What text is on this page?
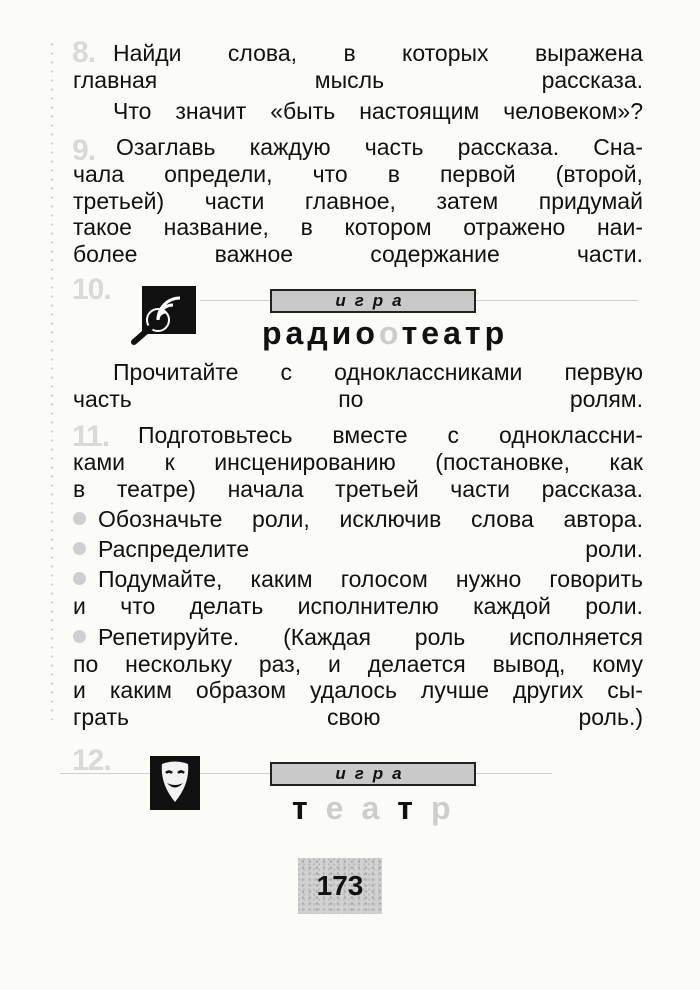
8. Найди слова, в которых выражена
главная мысль рассказа.
Что значит «быть настоящим человеком»?
9. Озаглавь каждую часть рассказа. Сна-
чала определи, что в первой (второй,
третьей) части главное, затем придумай
такое название, в котором отражено наи-
более важное содержание части.
10.	игра
радиоотеатр
Прочитайте с одноклассниками первую
часть по ролям.
11. Подготовьтесь вместе с одноклассни-
ками к инсценированию (постановке, как
в театре) начала третьей части рассказа.
Обозначьте роли, исключив слова автора.
Распределите роли.
Подумайте, каким голосом нужно говорить
и что делать исполнителю каждой роли.
Репетируйте. (Каждая роль исполняется
по нескольку раз, и делается вывод, кому
и каким образом удалось лучше других сы-
грать свою роль.)
12.	игра
т е а т р
173
